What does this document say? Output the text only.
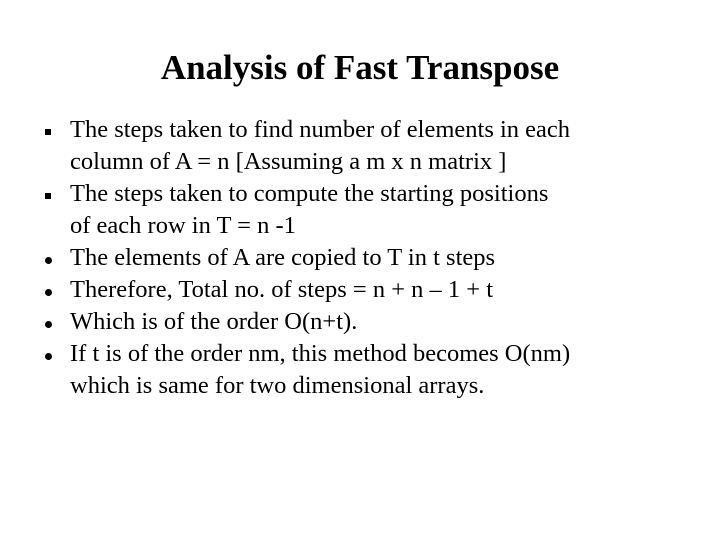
Analysis of Fast Transpose
The steps taken to find number of elements in each
column of A = n [Assuming a m x n matrix ]
The steps taken to compute the starting positions
of each row in T = n -1
The elements of A are copied to T in t steps
Therefore, Total no. of steps = n + n – 1 + t
Which is of the order O(n+t).
If t is of the order nm, this method becomes O(nm)
which is same for two dimensional arrays.
